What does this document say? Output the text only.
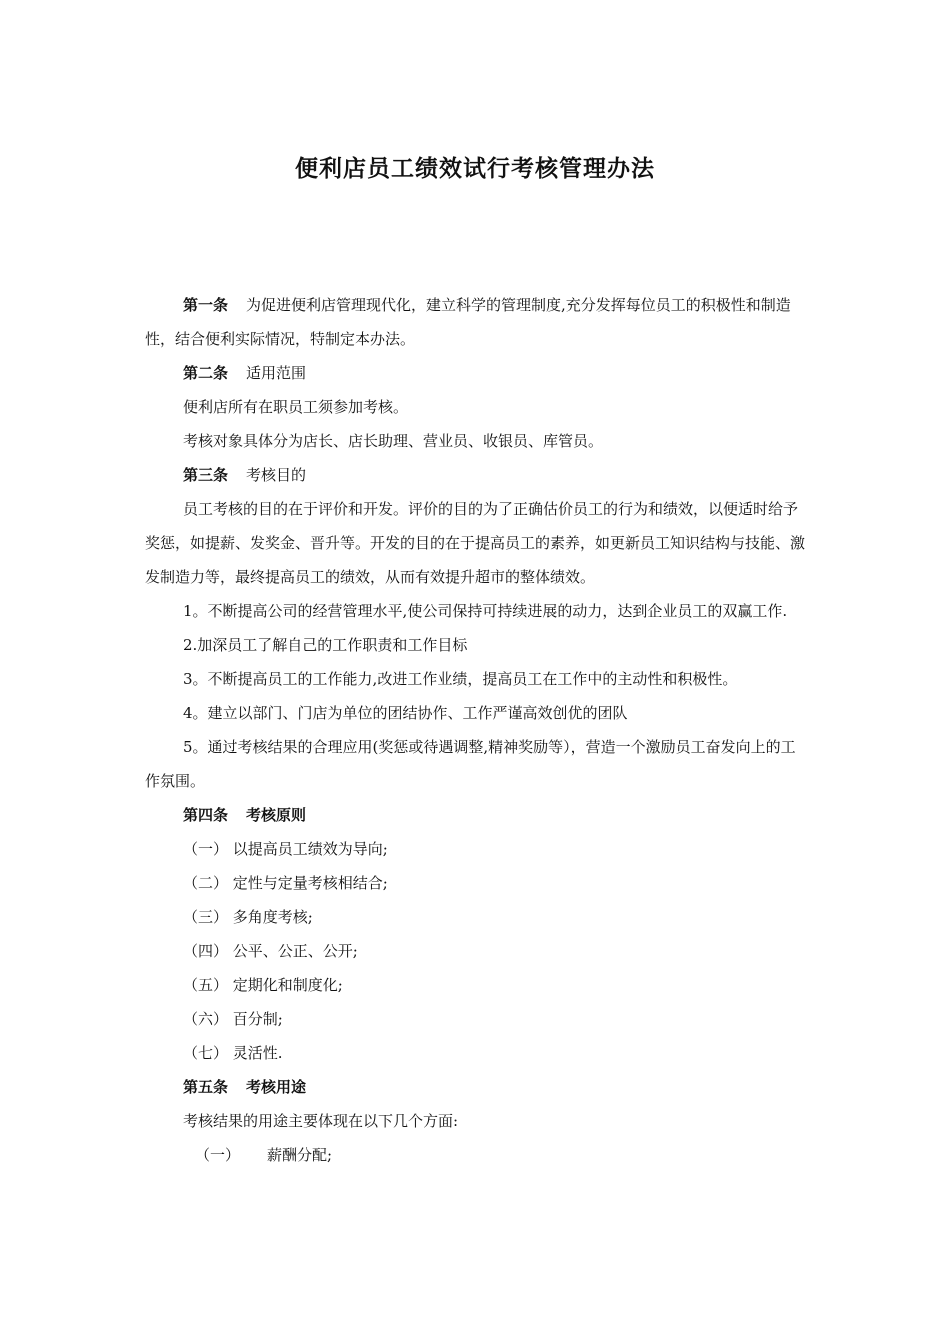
便利店员工绩效试行考核管理办法

第一条 为促进便利店管理现代化，建立科学的管理制度,充分发挥每位员工的积极性和制造性，结合便利实际情况，特制定本办法。

第二条 适用范围

便利店所有在职员工须参加考核。

考核对象具体分为店长、店长助理、营业员、收银员、库管员。

第三条 考核目的

员工考核的目的在于评价和开发。评价的目的为了正确估价员工的行为和绩效，以便适时给予奖惩，如提薪、发奖金、晋升等。开发的目的在于提高员工的素养，如更新员工知识结构与技能、激发制造力等，最终提高员工的绩效，从而有效提升超市的整体绩效。

1。不断提高公司的经营管理水平,使公司保持可持续进展的动力，达到企业员工的双赢工作.

2.加深员工了解自己的工作职责和工作目标

3。不断提高员工的工作能力,改进工作业绩，提高员工在工作中的主动性和积极性。

4。建立以部门、门店为单位的团结协作、工作严谨高效创优的团队

5。通过考核结果的合理应用(奖惩或待遇调整,精神奖励等），营造一个激励员工奋发向上的工作氛围。

第四条 考核原则

（一） 以提高员工绩效为导向;

（二） 定性与定量考核相结合;

（三） 多角度考核;

（四） 公平、公正、公开;

（五） 定期化和制度化;

（六） 百分制;

（七） 灵活性.

第五条 考核用途

考核结果的用途主要体现在以下几个方面:

（一） 薪酬分配;
